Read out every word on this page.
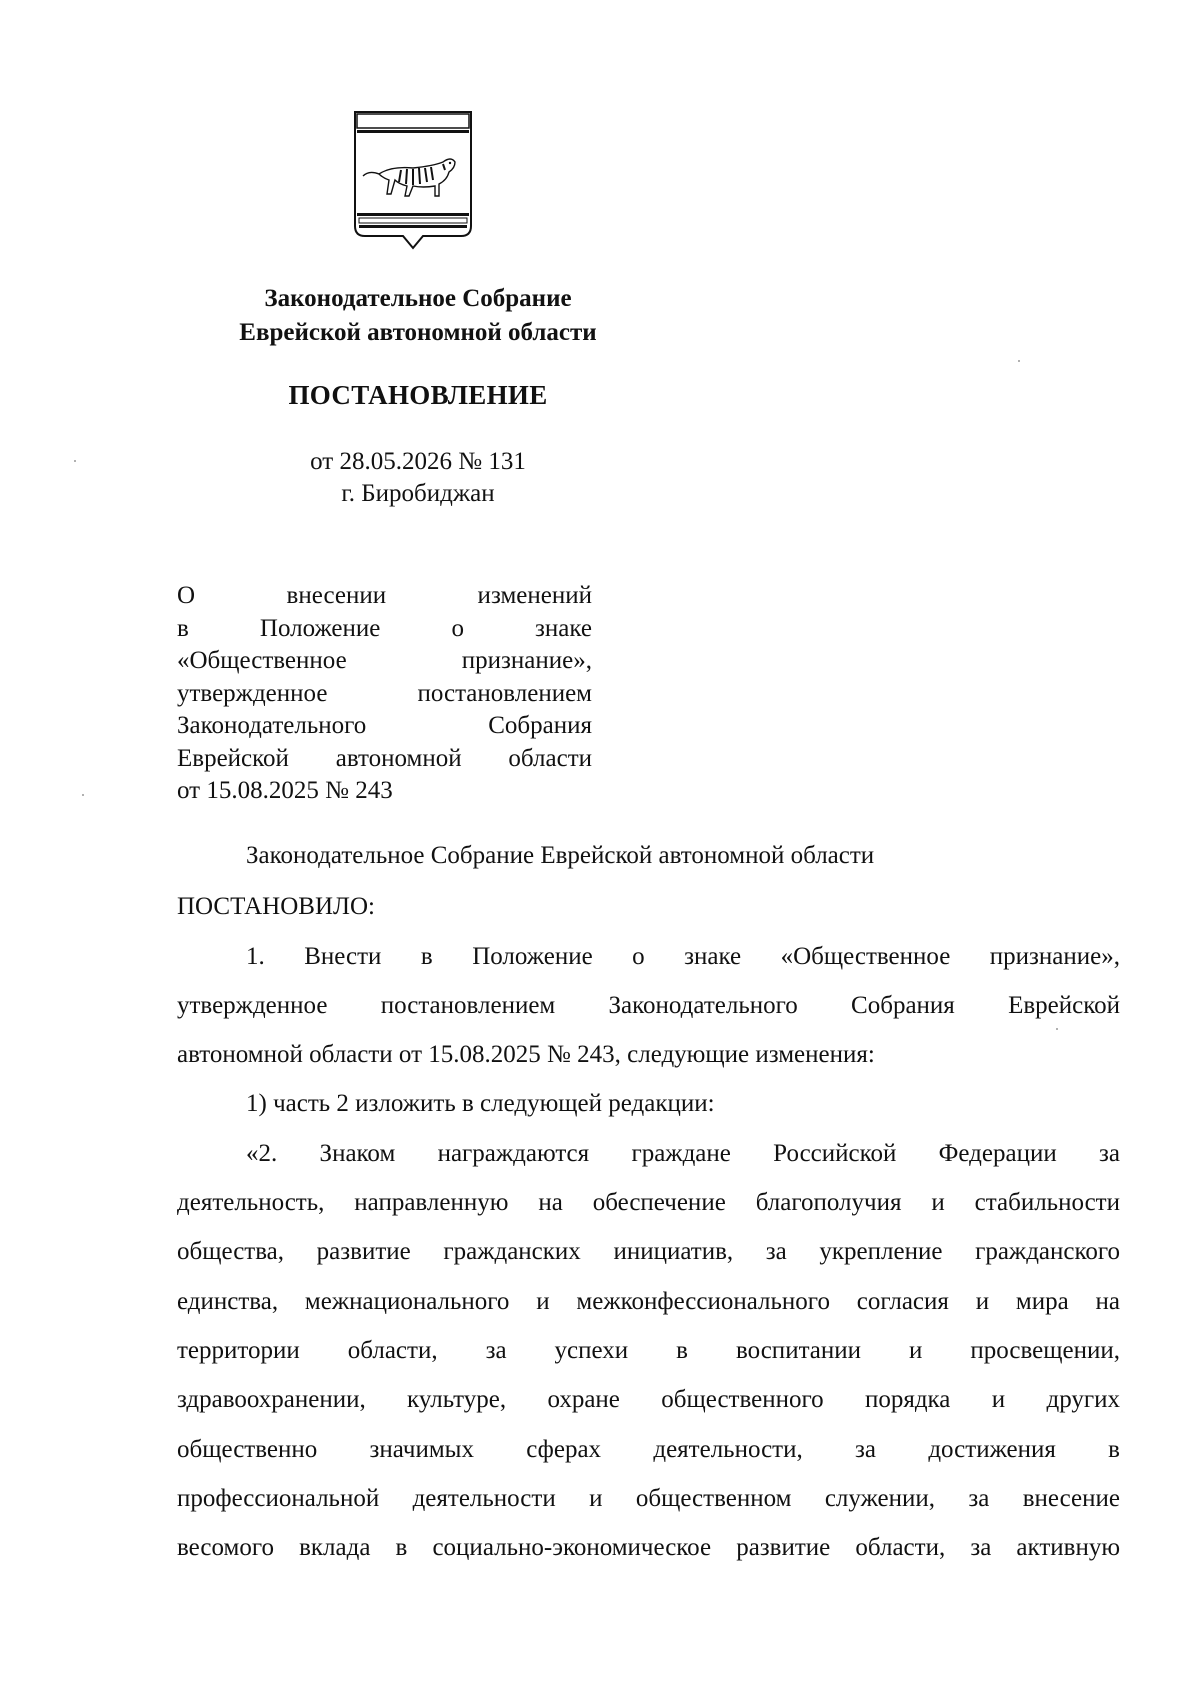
Законодательное Собрание
Еврейской автономной области
ПОСТАНОВЛЕНИЕ
от 28.05.2026 № 131
г. Биробиджан
О внесении изменений
в Положение о знаке
«Общественное признание»,
утвержденное постановлением
Законодательного Собрания
Еврейской автономной области
от 15.08.2025 № 243
Законодательное Собрание Еврейской автономной области
ПОСТАНОВИЛО:
1. Внести в Положение о знаке «Общественное признание»,
утвержденное постановлением Законодательного Собрания Еврейской
автономной области от 15.08.2025 № 243, следующие изменения:
1) часть 2 изложить в следующей редакции:
«2. Знаком награждаются граждане Российской Федерации за
деятельность, направленную на обеспечение благополучия и стабильности
общества, развитие гражданских инициатив, за укрепление гражданского
единства, межнационального и межконфессионального согласия и мира на
территории области, за успехи в воспитании и просвещении,
здравоохранении, культуре, охране общественного порядка и других
общественно значимых сферах деятельности, за достижения в
профессиональной деятельности и общественном служении, за внесение
весомого вклада в социально-экономическое развитие области, за активную
